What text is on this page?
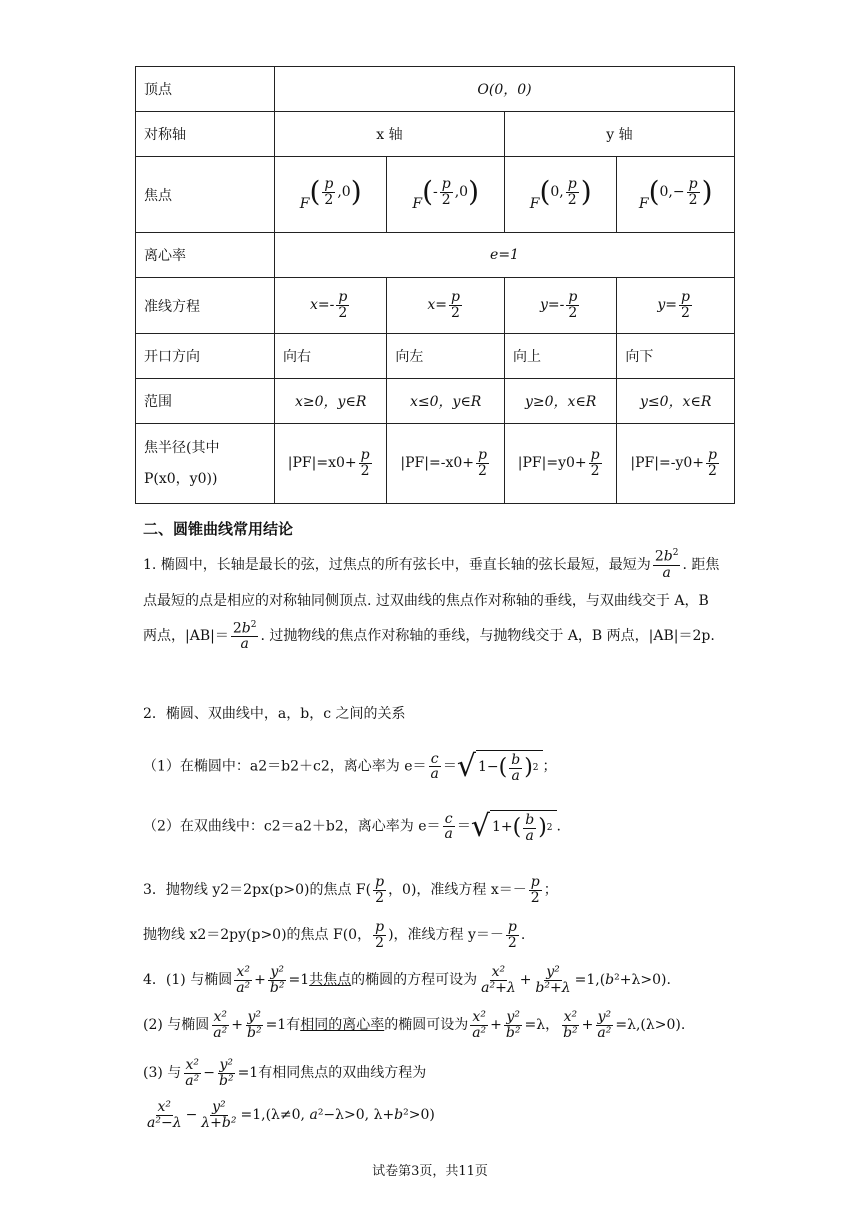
顶点	O(0，0)			
对称轴	x 轴		y 轴	
焦点	$F( \frac{p}{2} ,0)$	$F(- \frac{p}{2} ,0)$	F(0, $\frac{p}{2}$ )	$F(0,- \frac{p}{2}$ )
离心率	e=1			
准线方程	$x=- \frac{p}{2}$	$x= \frac{p}{2}$	$y=- \frac{p}{2}$	$y= \frac{p}{2}$

开口方向	向右	向左	向上	向下
范围	x≥0，y∈R	x≤0，y∈R	y≥0，x∈R	y≤0，x∈R
焦半径(其中 P(x0，y0))	$|PF|=x0+ \frac{p}{2}$	$|PF|=-x0+ \frac{p}{2}$	$|PF|=y0+ \frac{p}{2}$	$|PF|=-y0+ \frac{p}{2}$
二、圆锥曲线常用结论
1. 椭圆中，长轴是最长的弦，过焦点的所有弦长中，垂直长轴的弦长最短，最短为 $\frac{2b^2}{a}$ . 距焦点最短的点是相应的对称轴同侧顶点. 过双曲线的焦点作对称轴的垂线，与双曲线交于 A，B 两点，$|AB|= \frac{2b^2}{a}$ . 过抛物线的焦点作对称轴的垂线，与抛物线交于 A，B 两点，|AB|＝2p.
2．椭圆、双曲线中，a，b，c 之间的关系
（1）在椭圆中：a2＝b2＋c2，离心率为 $e= \frac{c}{a}$ ＝ √ 1− ( $\frac{b}{a}$ ) 2 ；
（2）在双曲线中：c2＝a2＋b2，离心率为 $e= \frac{c}{a}$ ＝ √ 1+ ( $\frac{b}{a}$ ) 2 .
3．抛物线 y2＝2px(p>0)的焦点 $F( \frac{p}{2}$ ，0)，准线方程 $x=- \frac{p}{2}$ ；
抛物线 x2＝2py(p>0)的焦点 F(0， $\frac{p}{2}$ )，准线方程 $y=- \frac{p}{2}$ .
4．(1) 与椭圆 $\frac{\text{x²}}{\text{a²}} + \frac{\text{y²}}{\text{b²}} =1$共焦点的椭圆的方程可设为 $\frac{\text{x²}}{\text{a²+λ}} + \frac{\text{y²}}{\text{b²+λ}} =1,(b^2+\lambda>0)$.
(2) 与椭圆 $\frac{\text{x²}}{\text{a²}} + \frac{\text{y²}}{\text{b²}} =1$有相同的离心率的椭圆可设为 $\frac{\text{x²}}{\text{a²}} + \frac{\text{y²}}{\text{b²}} =\lambda$， $\frac{\text{x²}}{\text{b²}} + \frac{\text{y²}}{\text{a²}} =\lambda,(\lambda>0)$.
(3) 与 $\frac{\text{x²}}{\text{a²}} - \frac{\text{y²}}{\text{b²}} =1$有相同焦点的双曲线方程为
$\frac{\text{x²}}{\text{a²−λ}} - \frac{\text{y²}}{\text{λ+b²}} =1,(\lambda\ne 0$, a²−λ>0, λ+b²>0)
试卷第3页，共11页
